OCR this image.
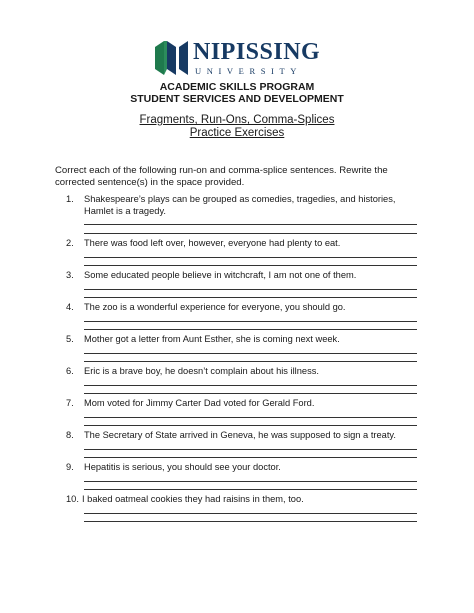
NIPISSING
UNIVERSITY
ACADEMIC SKILLS PROGRAM
STUDENT SERVICES AND DEVELOPMENT
Fragments, Run-Ons, Comma-Splices
Practice Exercises
Correct each of the following run-on and comma-splice sentences. Rewrite the corrected sentence(s) in the space provided.
1.	Shakespeare’s plays can be grouped as comedies, tragedies, and histories, Hamlet is a tragedy.
2.	There was food left over, however, everyone had plenty to eat.
3.	Some educated people believe in witchcraft, I am not one of them.
4.	The zoo is a wonderful experience for everyone, you should go.
5.	Mother got a letter from Aunt Esther, she is coming next week.
6.	Eric is a brave boy, he doesn’t complain about his illness.
7.	Mom voted for Jimmy Carter Dad voted for Gerald Ford.
8.	The Secretary of State arrived in Geneva, he was supposed to sign a treaty.
9.	Hepatitis is serious, you should see your doctor.
10. I baked oatmeal cookies they had raisins in them, too.
